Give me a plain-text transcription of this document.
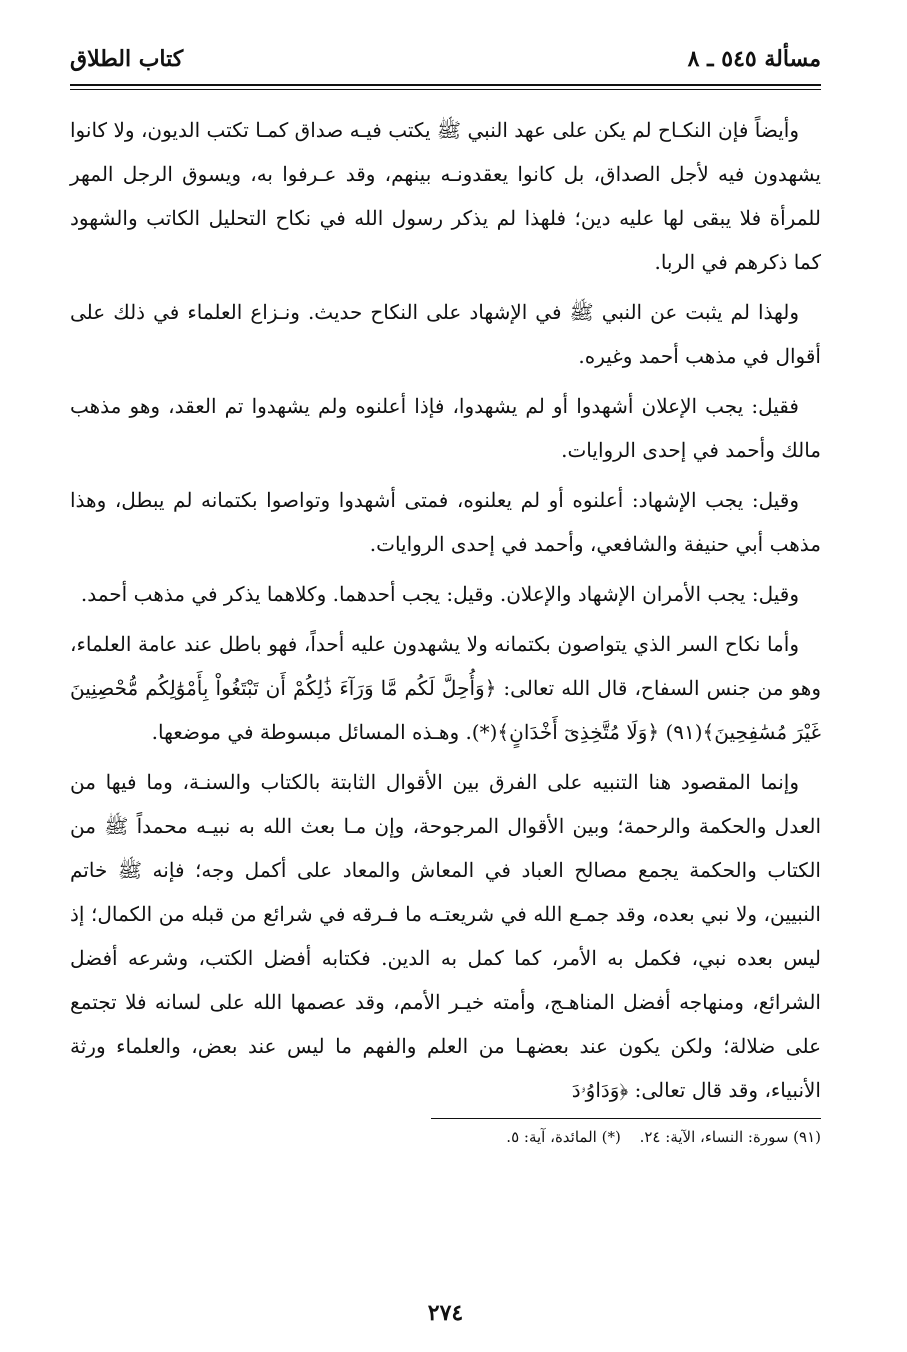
مسألة ٥٤٥ ـ ٨
كتاب الطلاق

وأيضاً فإن النكـاح لم يكن على عهد النبي ﷺ يكتب فيـه صداق كمـا تكتب الديون، ولا كانوا يشهدون فيه لأجل الصداق، بل كانوا يعقدونـه بينهم، وقد عـرفوا به، ويسوق الرجل المهر للمرأة فلا يبقى لها عليه دين؛ فلهذا لم يذكر رسول الله في نكاح التحليل الكاتب والشهود كما ذكرهم في الربا.

ولهذا لم يثبت عن النبي ﷺ في الإشهاد على النكاح حديث. ونـزاع العلماء في ذلك على أقوال في مذهب أحمد وغيره.

فقيل: يجب الإعلان أشهدوا أو لم يشهدوا، فإذا أعلنوه ولم يشهدوا تم العقد، وهو مذهب مالك وأحمد في إحدى الروايات.

وقيل: يجب الإشهاد: أعلنوه أو لم يعلنوه، فمتى أشهدوا وتواصوا بكتمانه لم يبطل، وهذا مذهب أبي حنيفة والشافعي، وأحمد في إحدى الروايات.

وقيل: يجب الأمران الإشهاد والإعلان. وقيل: يجب أحدهما. وكلاهما يذكر في مذهب أحمد.

وأما نكاح السر الذي يتواصون بكتمانه ولا يشهدون عليه أحداً، فهو باطل عند عامة العلماء، وهو من جنس السفاح، قال الله تعالى: ﴿وَأُحِلَّ لَكُم مَّا وَرَآءَ ذَٰلِكُمْ أَن تَبْتَغُواْ بِأَمْوَٰلِكُم مُّحْصِنِينَ غَيْرَ مُسَٰفِحِينَ﴾(٩١) ﴿وَلَا مُتَّخِذِىٓ أَخْدَانٍ﴾(*). وهـذه المسائل مبسوطة في موضعها.

وإنما المقصود هنا التنبيه على الفرق بين الأقوال الثابتة بالكتاب والسنـة، وما فيها من العدل والحكمة والرحمة؛ وبين الأقوال المرجوحة، وإن مـا بعث الله به نبيـه محمداً ﷺ من الكتاب والحكمة يجمع مصالح العباد في المعاش والمعاد على أكمل وجه؛ فإنه ﷺ خاتم النبيين، ولا نبي بعده، وقد جمـع الله في شريعتـه ما فـرقه في شرائع من قبله من الكمال؛ إذ ليس بعده نبي، فكمل به الأمر، كما كمل به الدين. فكتابه أفضل الكتب، وشرعه أفضل الشرائع، ومنهاجه أفضل المناهـج، وأمته خيـر الأمم، وقد عصمها الله على لسانه فلا تجتمع على ضلالة؛ ولكن يكون عند بعضهـا من العلم والفهم ما ليس عند بعض، والعلماء ورثة الأنبياء، وقد قال تعالى: ﴿وَدَاوُۥدَ

(٩١) سورة: النساء، الآية: ٢٤. (*) المائدة، آية: ٥.
٢٧٤
